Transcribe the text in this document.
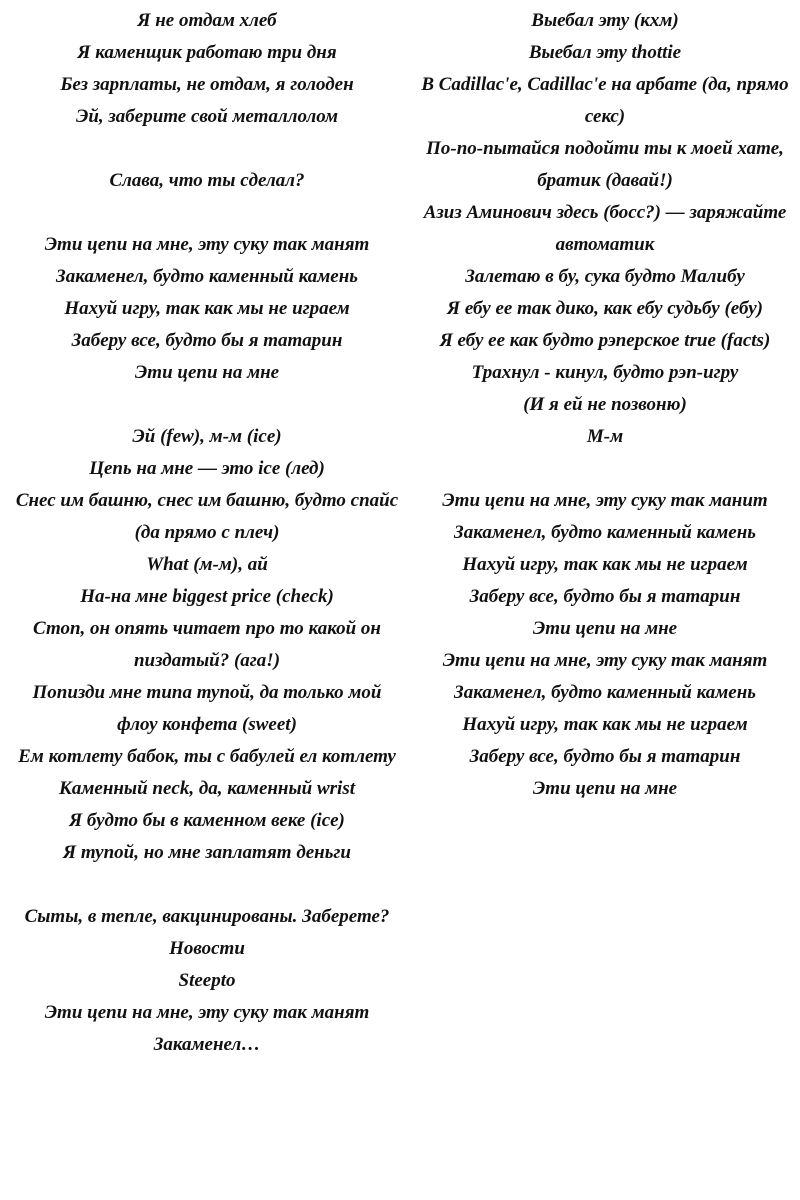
Я не отдам хлеб
Я каменщик работаю три дня
Без зарплаты, не отдам, я голоден
Эй, заберите свой металлолом
Слава, что ты сделал?
Эти цепи на мне, эту суку так манят
Закаменел, будто каменный камень
Нахуй игру, так как мы не играем
Заберу все, будто бы я татарин
Эти цепи на мне
Эй (few), м-м (ice)
Цепь на мне — это ice (лед)
Снес им башню, снес им башню, будто спайс
(да прямо с плеч)
What (м-м), ай
На-на мне biggest price (check)
Стоп, он опять читает про то какой он пиздатый? (ага!)
Попизди мне типа тупой, да только мой флоу конфета (sweet)
Ем котлету бабок, ты с бабулей ел котлету
Каменный neck, да, каменный wrist
Я будто бы в каменном веке (ice)
Я тупой, но мне заплатят деньги
Сыты, в тепле, вакцинированы. Заберете?
Новости
Steepto
Эти цепи на мне, эту суку так манят
Закаменел…
Выебал эту (кхм)
Выебал эту thottie
В Cadillac'е, Cadillac'е на арбате (да, прямо секс)
По-по-пытайся подойти ты к моей хате, братик (давай!)
Азиз Аминович здесь (босс?) — заряжайте автоматик
Залетаю в бу, сука будто Малибу
Я ебу ее так дико, как ебу судьбу (ебу)
Я ебу ее как будто рэперское true (facts)
Трахнул - кинул, будто рэп-игру
(И я ей не позвоню)
М-м
Эти цепи на мне, эту суку так манит
Закаменел, будто каменный камень
Нахуй игру, так как мы не играем
Заберу все, будто бы я татарин
Эти цепи на мне
Эти цепи на мне, эту суку так манят
Закаменел, будто каменный камень
Нахуй игру, так как мы не играем
Заберу все, будто бы я татарин
Эти цепи на мне
